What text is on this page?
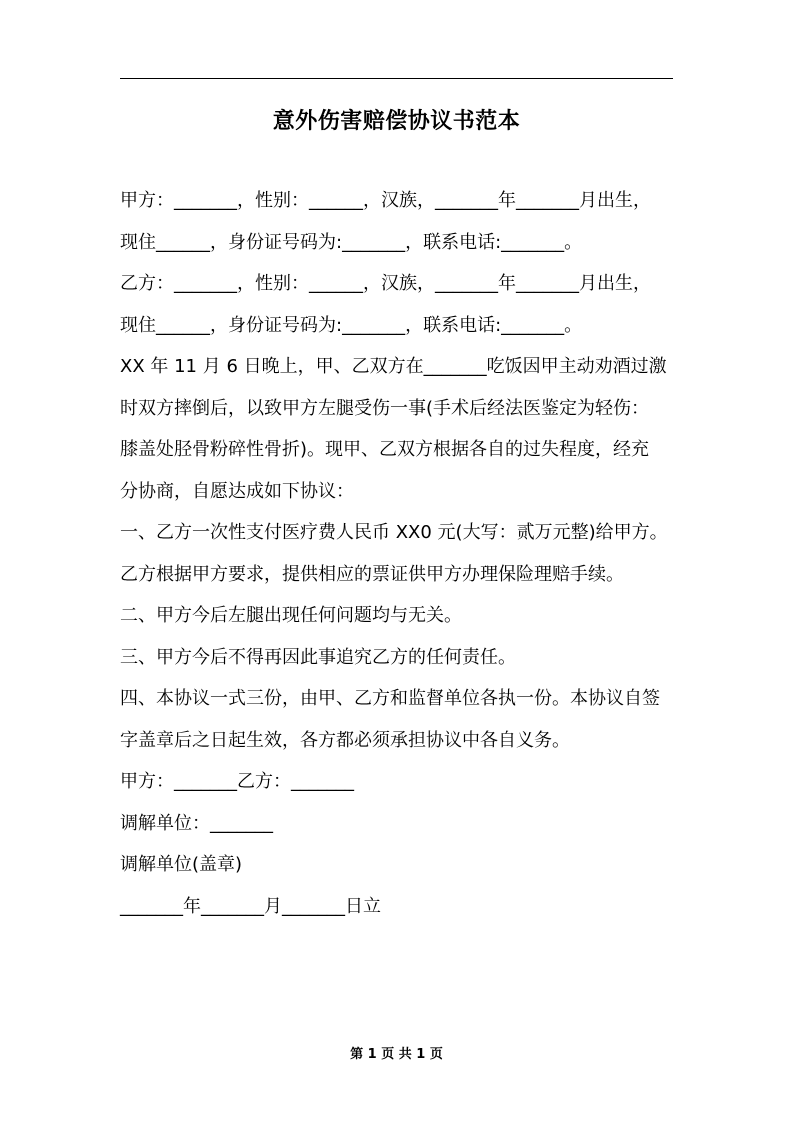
意外伤害赔偿协议书范本
甲方：_______，性别：______，汉族，_______年_______月出生，
现住______，身份证号码为:_______，联系电话:_______。
乙方：_______，性别：______，汉族，_______年_______月出生，
现住______，身份证号码为:_______，联系电话:_______。
XX 年 11 月 6 日晚上，甲、乙双方在_______吃饭因甲主动劝酒过激
时双方摔倒后，以致甲方左腿受伤一事(手术后经法医鉴定为轻伤：
膝盖处胫骨粉碎性骨折)。现甲、乙双方根据各自的过失程度，经充
分协商，自愿达成如下协议：
一、乙方一次性支付医疗费人民币 XX0 元(大写：贰万元整)给甲方。
乙方根据甲方要求，提供相应的票证供甲方办理保险理赔手续。
二、甲方今后左腿出现任何问题均与无关。
三、甲方今后不得再因此事追究乙方的任何责任。
四、本协议一式三份，由甲、乙方和监督单位各执一份。本协议自签
字盖章后之日起生效，各方都必须承担协议中各自义务。
甲方：_______乙方：_______
调解单位：_______
调解单位(盖章)
_______年_______月_______日立
第 1 页 共 1 页
